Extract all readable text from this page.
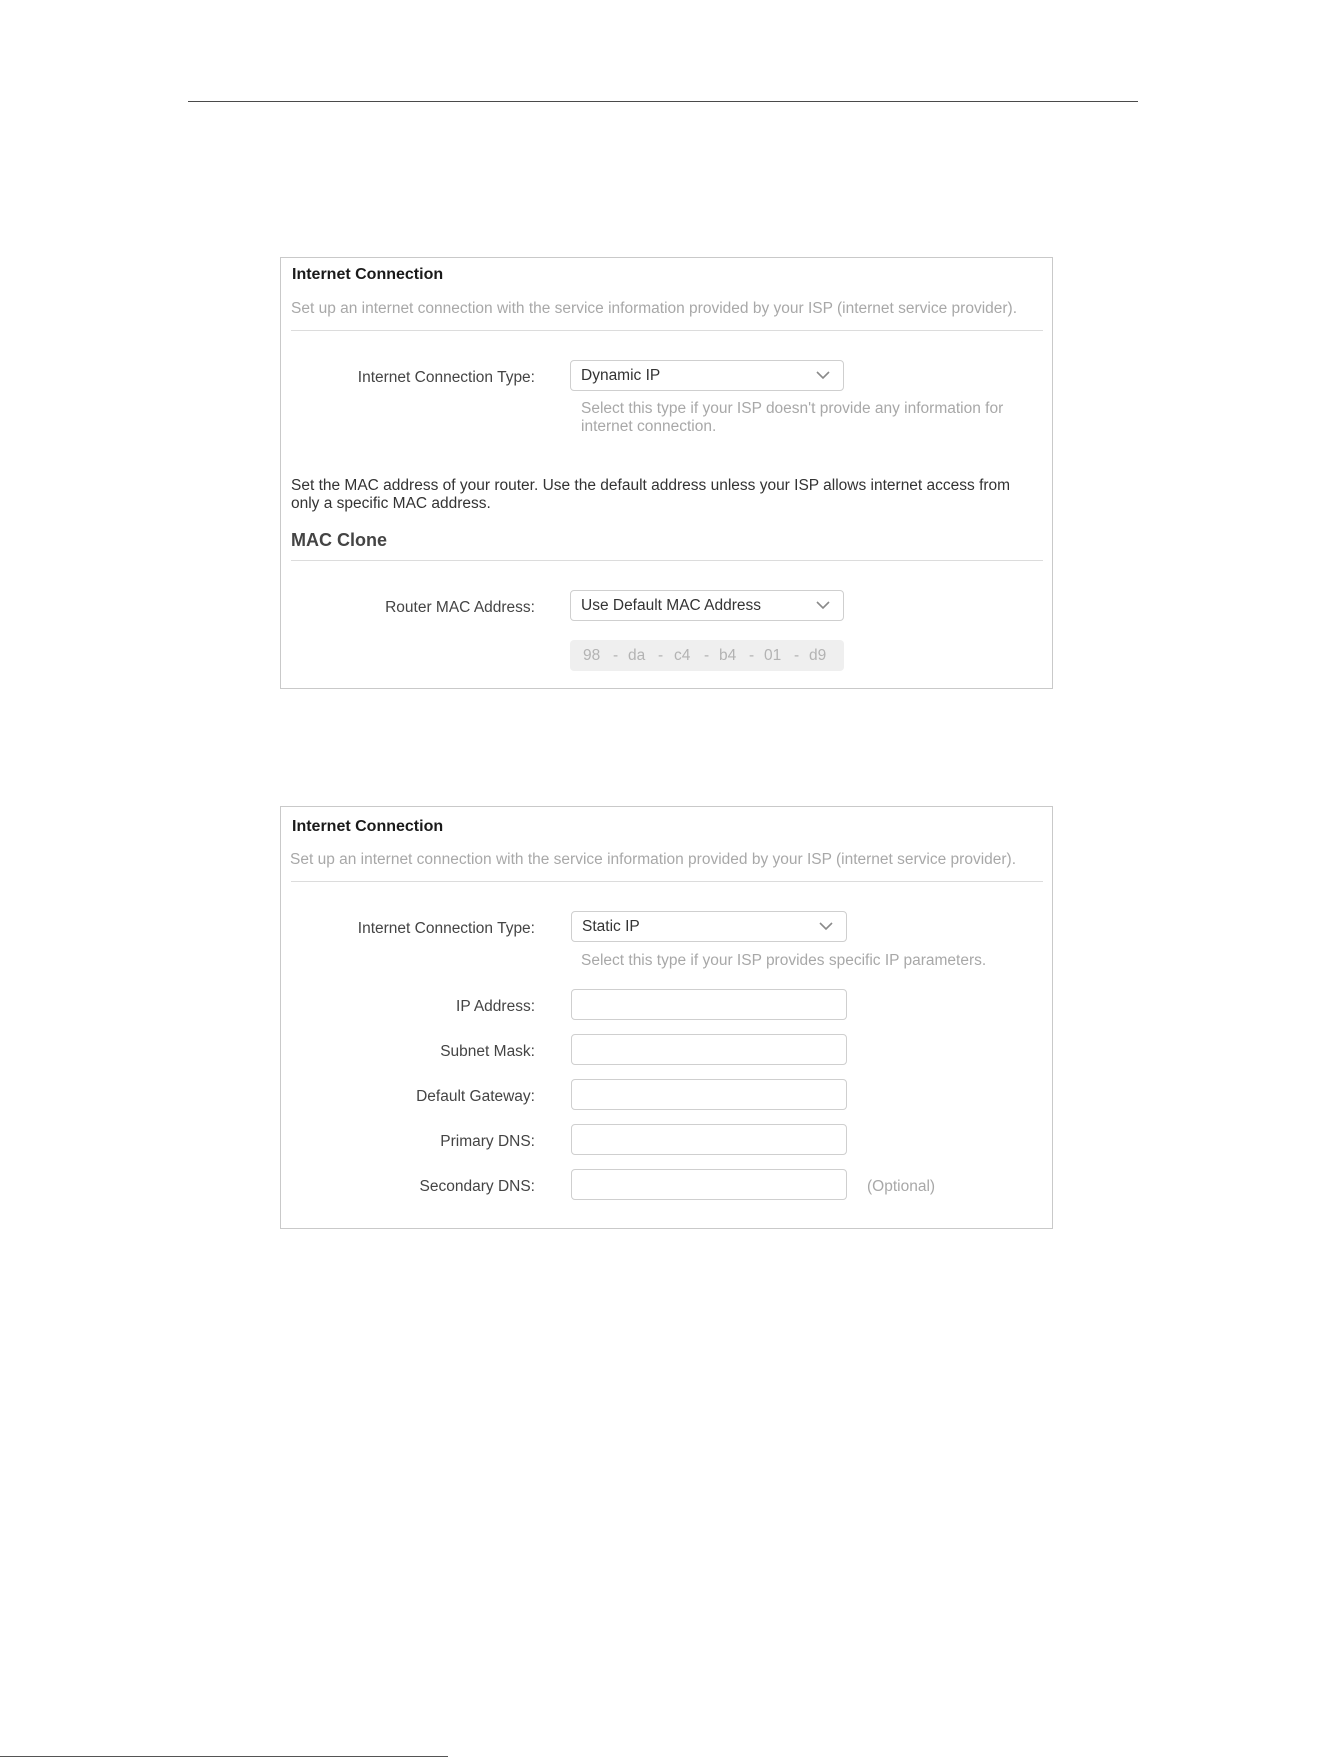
Internet Connection
Set up an internet connection with the service information provided by your ISP (internet service provider).
Internet Connection Type:	Dynamic IP
Select this type if your ISP doesn't provide any information for internet connection.
Set the MAC address of your router. Use the default address unless your ISP allows internet access from only a specific MAC address.
MAC Clone
Router MAC Address:	Use Default MAC Address
98 - da - c4 - b4 - 01 - d9
Internet Connection
Set up an internet connection with the service information provided by your ISP (internet service provider).
Internet Connection Type:	Static IP
Select this type if your ISP provides specific IP parameters.
IP Address:
Subnet Mask:
Default Gateway:
Primary DNS:
Secondary DNS:	(Optional)
